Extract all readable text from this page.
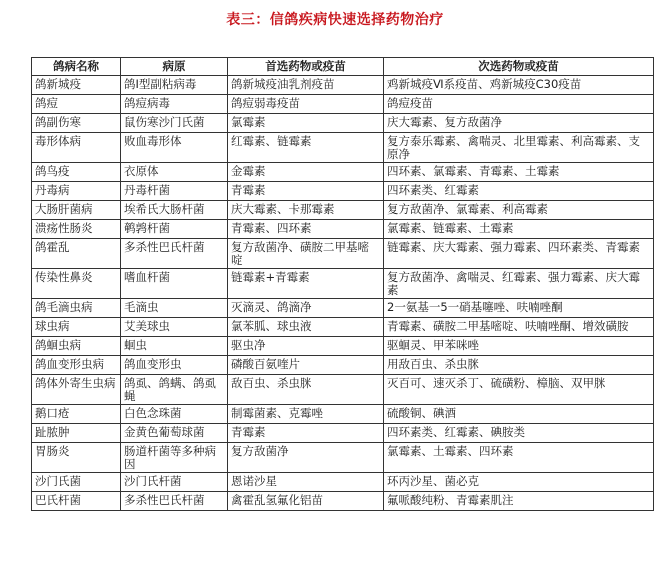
表三：信鸽疾病快速选择药物治疗
鸽病名称	病原	首选药物或疫苗	次选药物或疫苗
鸽新城疫	鸽Ⅰ型副粘病毒	鸽新城疫油乳剂疫苗	鸡新城疫Ⅵ系疫苗、鸡新城疫C30疫苗
鸽痘	鸽痘病毒	鸽痘弱毒疫苗	鸽痘疫苗
鸽副伤寒	鼠伤寒沙门氏菌	氯霉素	庆大霉素、复方敌菌净
毒形体病	败血毒形体	红霉素、链霉素	复方泰乐霉素、禽喘灵、北里霉素、利高霉素、支原净
鸽鸟疫	衣原体	金霉素	四环素、氯霉素、青霉素、土霉素
丹毒病	丹毒杆菌	青霉素	四环素类、红霉素
大肠肝菌病	埃希氏大肠杆菌	庆大霉素、卡那霉素	复方敌菌净、氯霉素、利高霉素
溃疡性肠炎	鹌鹑杆菌	青霉素、四环素	氯霉素、链霉素、土霉素
鸽霍乱	多杀性巴氏杆菌	复方敌菌净、磺胺二甲基嘧啶	链霉素、庆大霉素、强力霉素、四环素类、青霉素
传染性鼻炎	嗜血杆菌	链霉素+青霉素	复方敌菌净、禽喘灵、红霉素、强力霉素、庆大霉素
鸽毛滴虫病	毛滴虫	灭滴灵、鸽滴净	2一氨基一5一硝基噻唑、呋喃唑酮
球虫病	艾美球虫	氯苯胍、球虫液	青霉素、磺胺二甲基嘧啶、呋喃唑酮、增效磺胺
鸽蛔虫病	蛔虫	驱虫净	驱蛔灵、甲苯咪唑
鸽血变形虫病	鸽血变形虫	磷酸百氨喹片	用敌百虫、杀虫脒
鸽体外寄生虫病	鸽虱、鸽螨、鸽虱蝇	敌百虫、杀虫脒	灭百可、速灭杀丁、硫磺粉、樟脑、双甲脒
鹅口疮	白色念珠菌	制霉菌素、克霉唑	硫酸铜、碘酒
趾脓肿	金黄色葡萄球菌	青霉素	四环素类、红霉素、碘胺类
胃肠炎	肠道杆菌等多种病因	复方敌菌净	氯霉素、土霉素、四环素
沙门氏菌	沙门氏杆菌	恩诺沙星	环丙沙星、菌必克
巴氏杆菌	多杀性巴氏杆菌	禽霍乱氢氟化铝苗	氟哌酸纯粉、青霉素肌注
